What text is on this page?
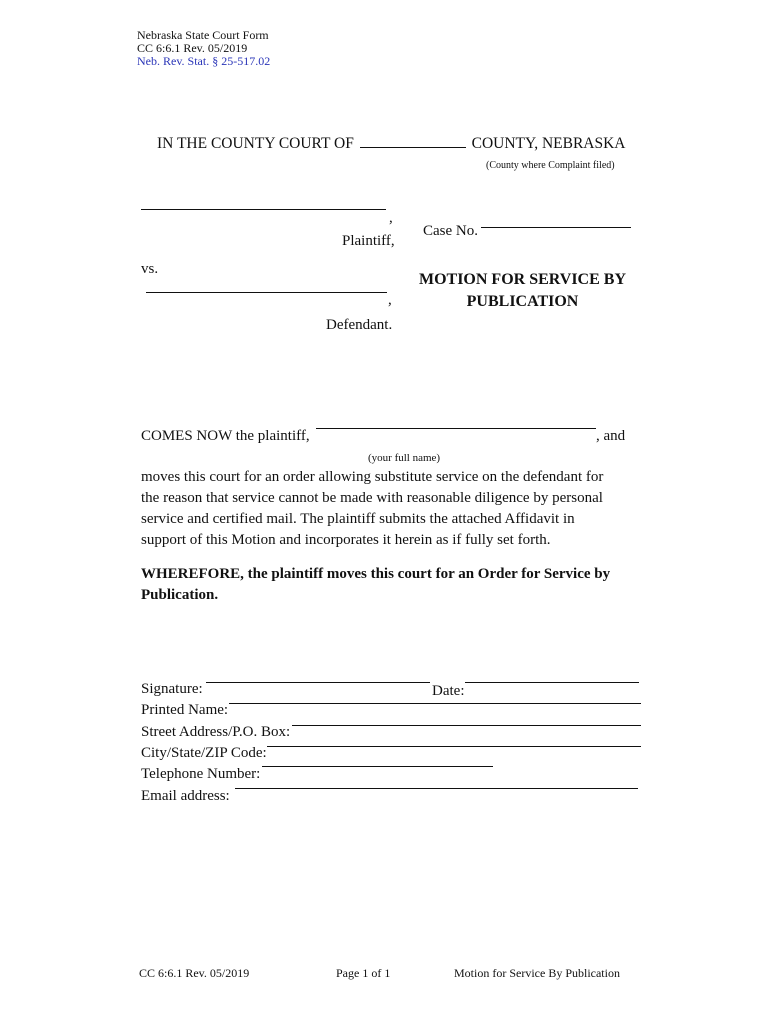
Nebraska State Court Form
CC 6:6.1 Rev. 05/2019
Neb. Rev. Stat. § 25-517.02
IN THE COUNTY COURT OF	COUNTY, NEBRASKA
(County where Complaint filed)
,
Plaintiff,
Case No.
vs.
MOTION FOR SERVICE BY
PUBLICATION
,
Defendant.
COMES NOW the plaintiff,	, and
(your full name)
moves this court for an order allowing substitute service on the defendant for
the reason that service cannot be made with reasonable diligence by personal
service and certified mail. The plaintiff submits the attached Affidavit in
support of this Motion and incorporates it herein as if fully set forth.
WHEREFORE, the plaintiff moves this court for an Order for Service by
Publication.
Signature:	Date:
Printed Name:
Street Address/P.O. Box:
City/State/ZIP Code:
Telephone Number:
Email address:
CC 6:6.1 Rev. 05/2019	Page 1 of 1	Motion for Service By Publication
